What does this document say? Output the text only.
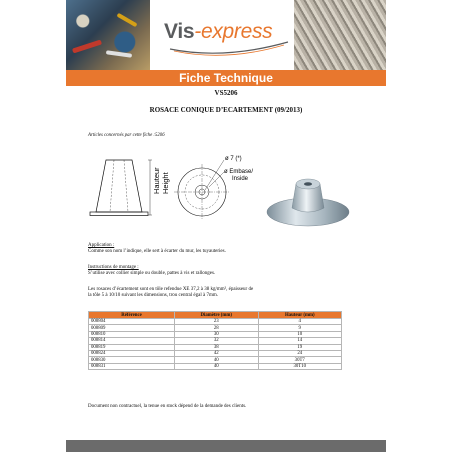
Vis-express
Fiche Technique
VS5206
ROSACE CONIQUE D’ECARTEMENT (09/2013)
Articles concernés par cette fiche :5206
Hauteur Height
ø 7 (*)
ø Embase/
Inside
Application :
Comme son nom l’indique, elle sert à écarter du mur, les tuyauteries.
Instructions de montage :
S’utilise avec collier simple ou double, pattes à vis et rallonges.
Les rosaces d’écartement sont en tôle refendue XE 37,2 à 38 kg/mm², épaisseur de
la tôle 5 à 10/10 suivant les dimensions, trou central égal à 7mm.
Référence	Diamètre (mm)	Hauteur (mm)
008804	23	4
008809	28	9
008810	30	10
008814	32	14
008819	38	19
008824	42	24
008830	40	30T7
008831	40	30T10
Document non contractuel, la tenue en stock dépend de la demande des clients.
